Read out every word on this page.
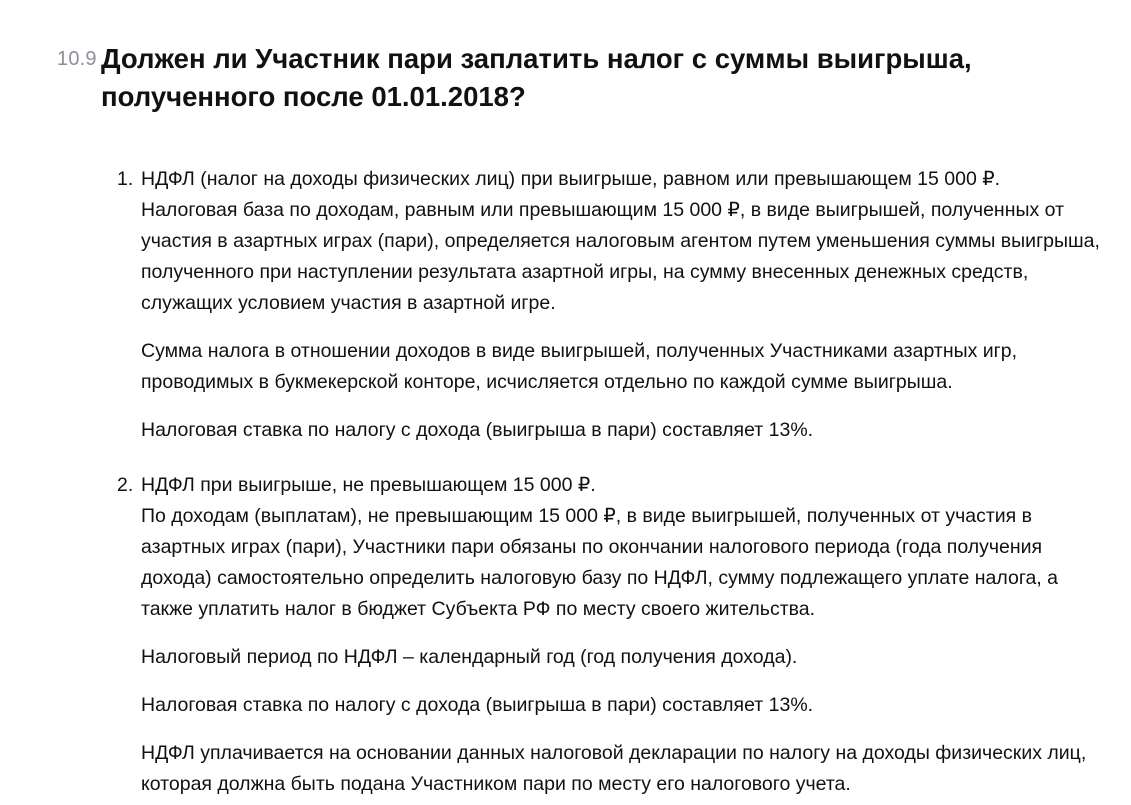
10.9 Должен ли Участник пари заплатить налог с суммы выигрыша, полученного после 01.01.2018?
1. НДФЛ (налог на доходы физических лиц) при выигрыше, равном или превышающем 15 000 ₽.

Налоговая база по доходам, равным или превышающим 15 000 ₽, в виде выигрышей, полученных от участия в азартных играх (пари), определяется налоговым агентом путем уменьшения суммы выигрыша, полученного при наступлении результата азартной игры, на сумму внесенных денежных средств, служащих условием участия в азартной игре.

Сумма налога в отношении доходов в виде выигрышей, полученных Участниками азартных игр, проводимых в букмекерской конторе, исчисляется отдельно по каждой сумме выигрыша.

Налоговая ставка по налогу с дохода (выигрыша в пари) составляет 13%.

2. НДФЛ при выигрыше, не превышающем 15 000 ₽.

По доходам (выплатам), не превышающим 15 000 ₽, в виде выигрышей, полученных от участия в азартных играх (пари), Участники пари обязаны по окончании налогового периода (года получения дохода) самостоятельно определить налоговую базу по НДФЛ, сумму подлежащего уплате налога, а также уплатить налог в бюджет Субъекта РФ по месту своего жительства.

Налоговый период по НДФЛ – календарный год (год получения дохода).

Налоговая ставка по налогу с дохода (выигрыша в пари) составляет 13%.

НДФЛ уплачивается на основании данных налоговой декларации по налогу на доходы физических лиц, которая должна быть подана Участником пари по месту его налогового учета.
